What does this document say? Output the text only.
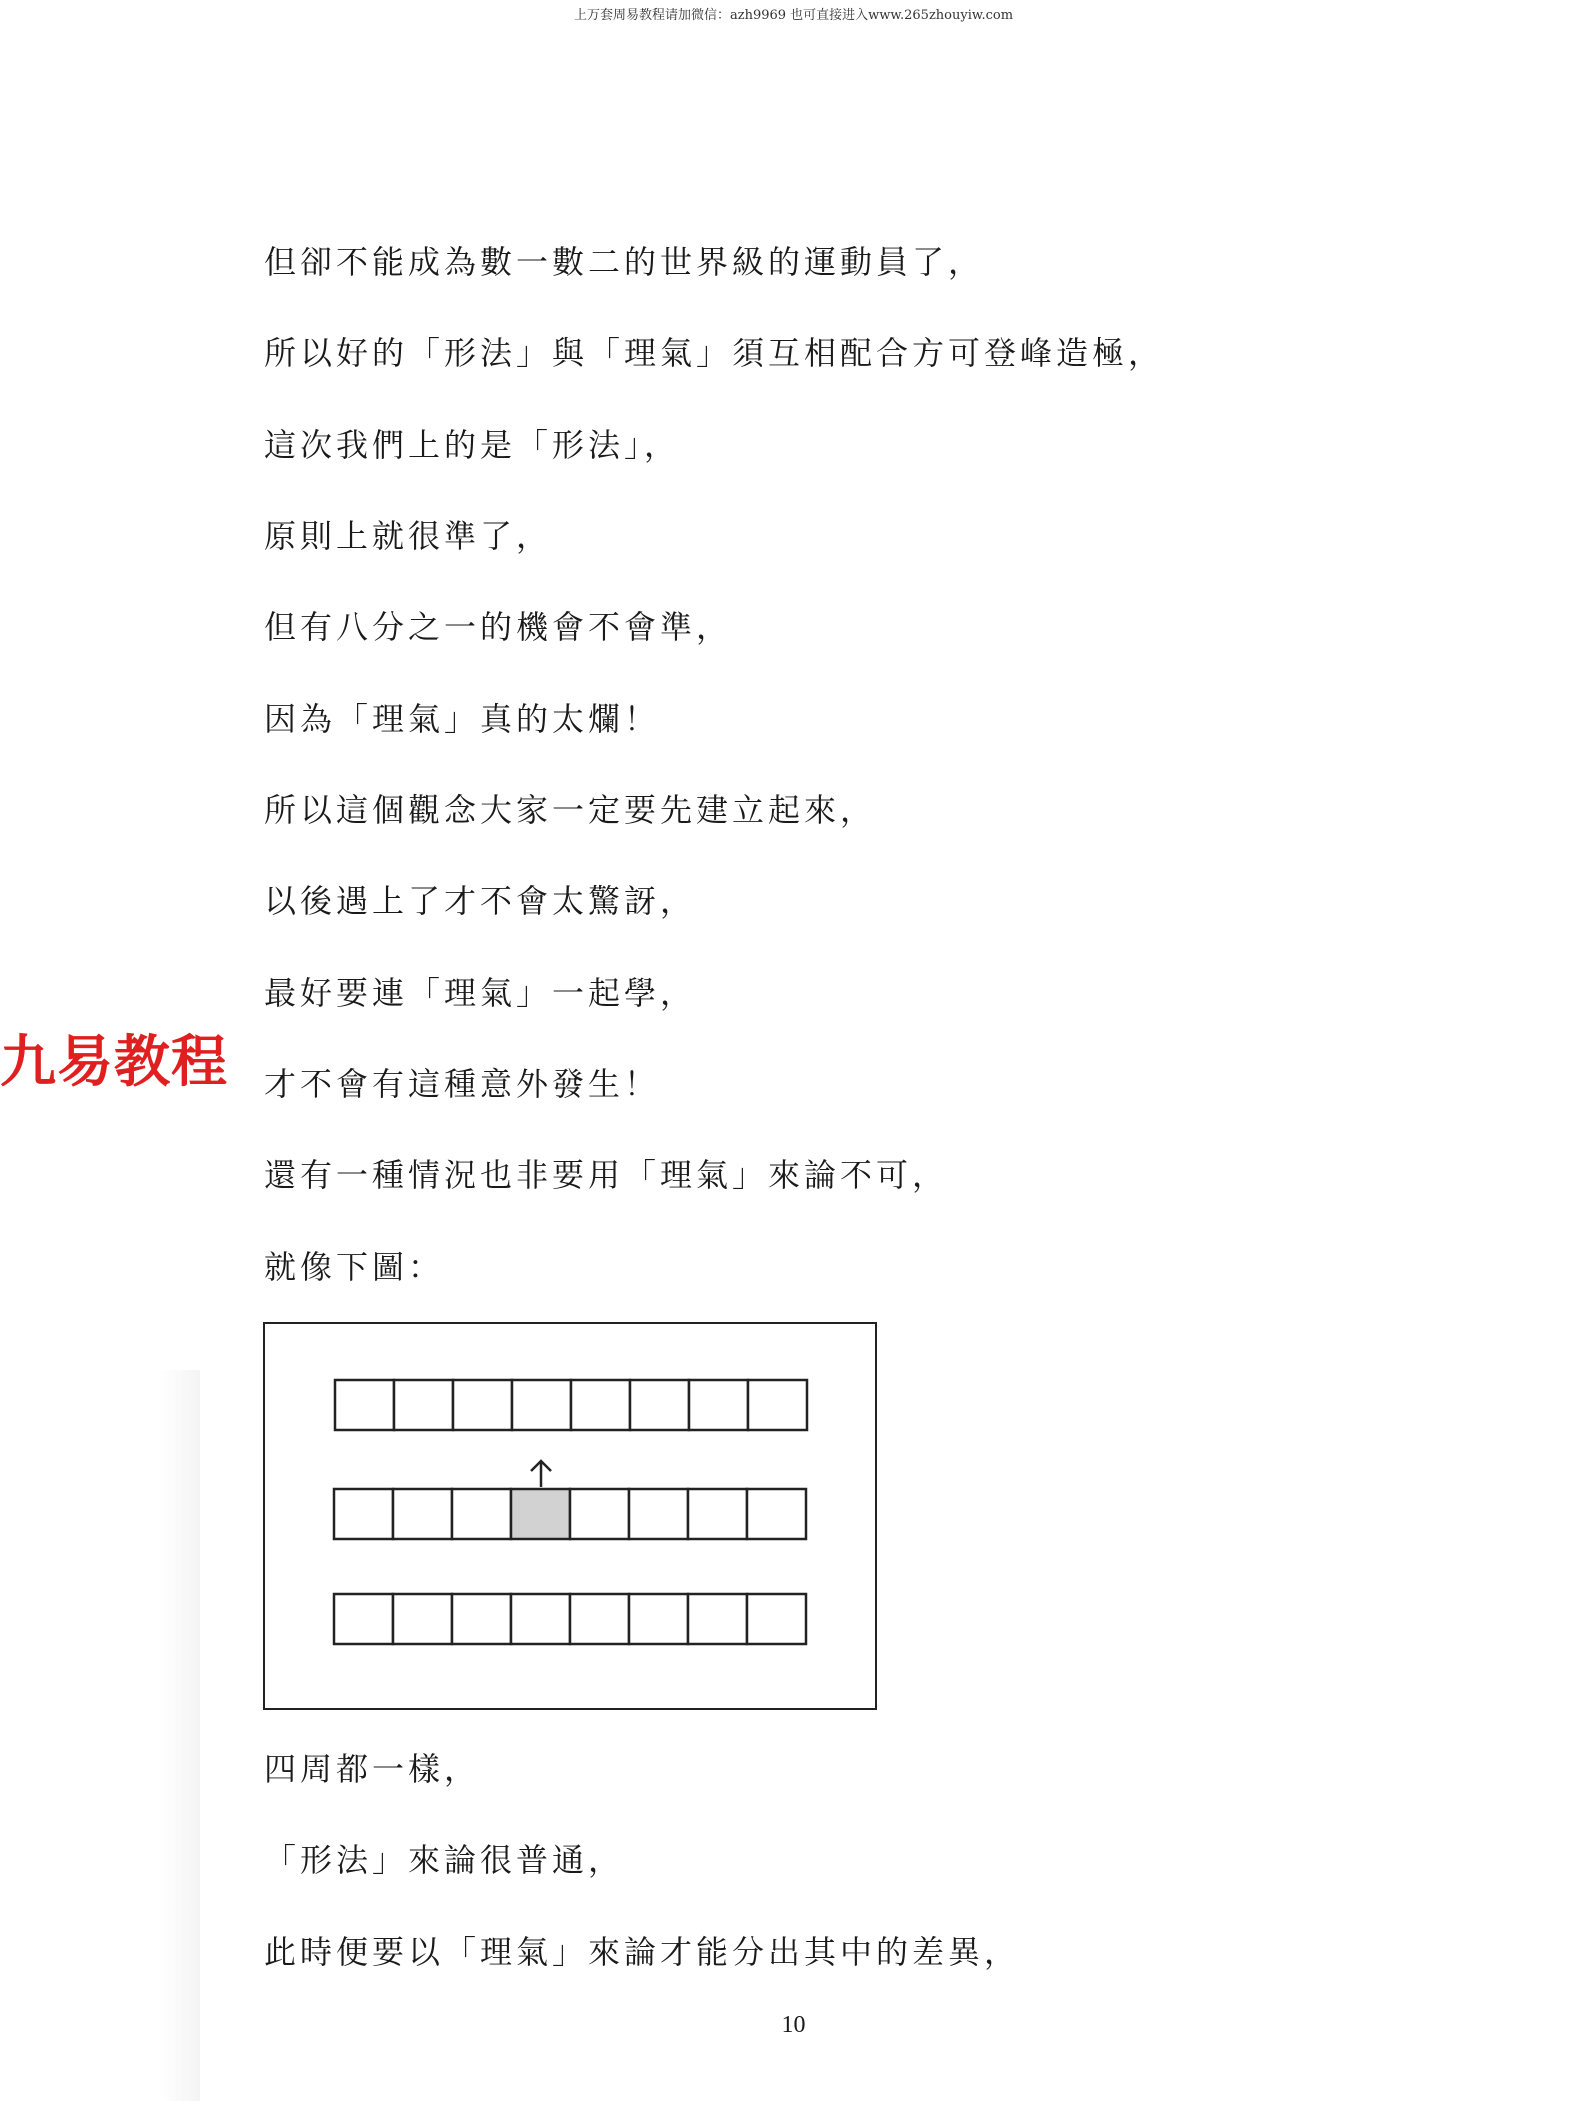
上万套周易教程请加微信：azh9969 也可直接进入www.265zhouyiw.com
九易教程
但卻不能成為數一數二的世界級的運動員了，
所以好的「形法」與「理氣」須互相配合方可登峰造極，
這次我們上的是「形法」，
原則上就很準了，
但有八分之一的機會不會準，
因為「理氣」真的太爛！
所以這個觀念大家一定要先建立起來，
以後遇上了才不會太驚訝，
最好要連「理氣」一起學，
才不會有這種意外發生！
還有一種情況也非要用「理氣」來論不可，
就像下圖：
四周都一樣，
「形法」來論很普通，
此時便要以「理氣」來論才能分出其中的差異，
10
